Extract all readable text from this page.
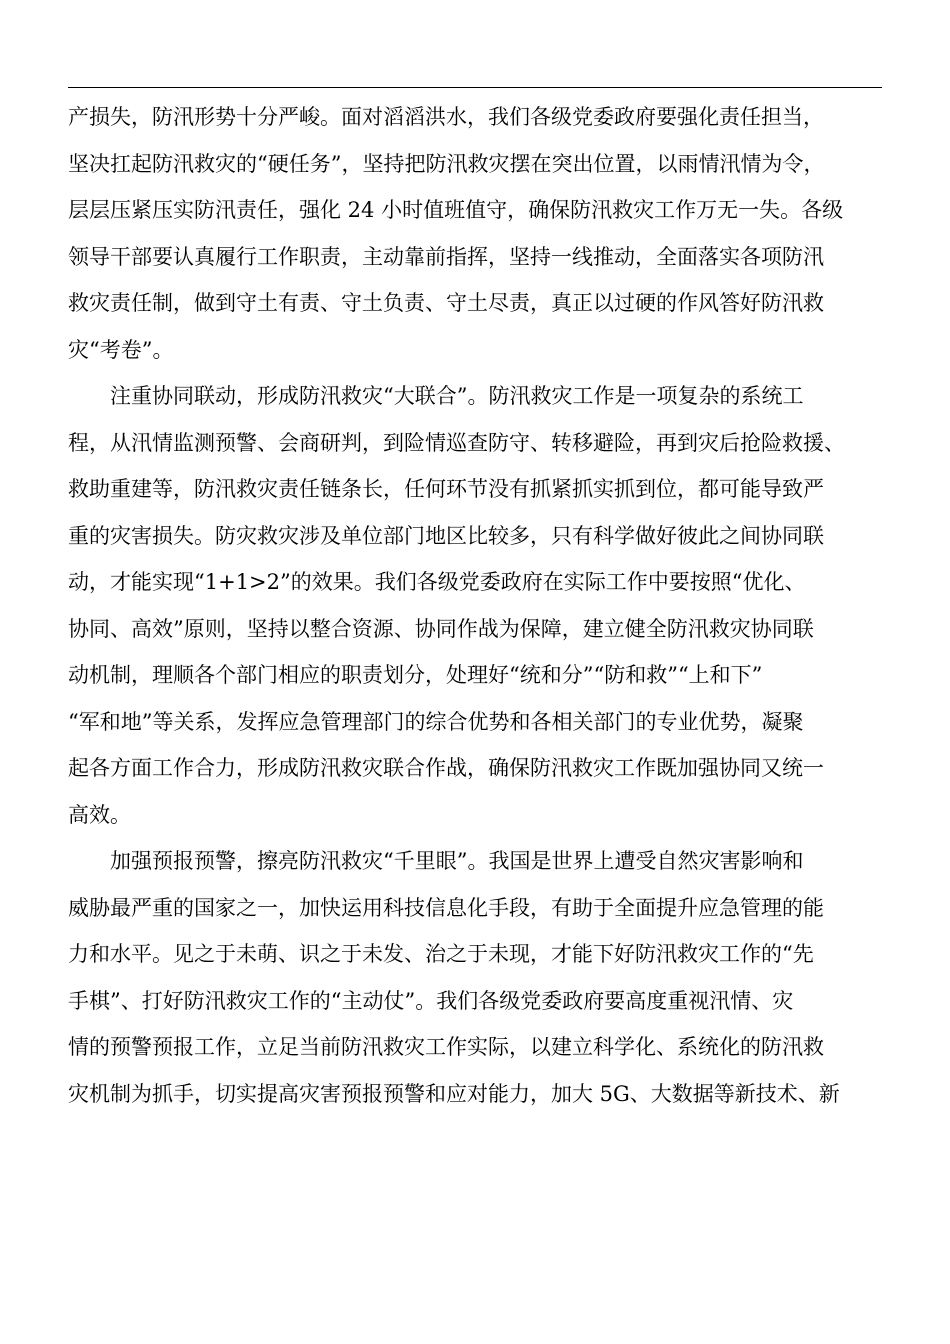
产损失，防汛形势十分严峻。面对滔滔洪水，我们各级党委政府要强化责任担当，
坚决扛起防汛救灾的“硬任务”，坚持把防汛救灾摆在突出位置，以雨情汛情为令，
层层压紧压实防汛责任，强化 24 小时值班值守，确保防汛救灾工作万无一失。各级
领导干部要认真履行工作职责，主动靠前指挥，坚持一线推动，全面落实各项防汛
救灾责任制，做到守土有责、守土负责、守土尽责，真正以过硬的作风答好防汛救
灾“考卷”。

　　注重协同联动，形成防汛救灾“大联合”。防汛救灾工作是一项复杂的系统工
程，从汛情监测预警、会商研判，到险情巡查防守、转移避险，再到灾后抢险救援、
救助重建等，防汛救灾责任链条长，任何环节没有抓紧抓实抓到位，都可能导致严
重的灾害损失。防灾救灾涉及单位部门地区比较多，只有科学做好彼此之间协同联
动，才能实现“1+1>2”的效果。我们各级党委政府在实际工作中要按照“优化、
协同、高效”原则，坚持以整合资源、协同作战为保障，建立健全防汛救灾协同联
动机制，理顺各个部门相应的职责划分，处理好“统和分”“防和救”“上和下”
“军和地”等关系，发挥应急管理部门的综合优势和各相关部门的专业优势，凝聚
起各方面工作合力，形成防汛救灾联合作战，确保防汛救灾工作既加强协同又统一
高效。

　　加强预报预警，擦亮防汛救灾“千里眼”。我国是世界上遭受自然灾害影响和
威胁最严重的国家之一，加快运用科技信息化手段，有助于全面提升应急管理的能
力和水平。见之于未萌、识之于未发、治之于未现，才能下好防汛救灾工作的“先
手棋”、打好防汛救灾工作的“主动仗”。我们各级党委政府要高度重视汛情、灾
情的预警预报工作，立足当前防汛救灾工作实际，以建立科学化、系统化的防汛救
灾机制为抓手，切实提高灾害预报预警和应对能力，加大 5G、大数据等新技术、新
